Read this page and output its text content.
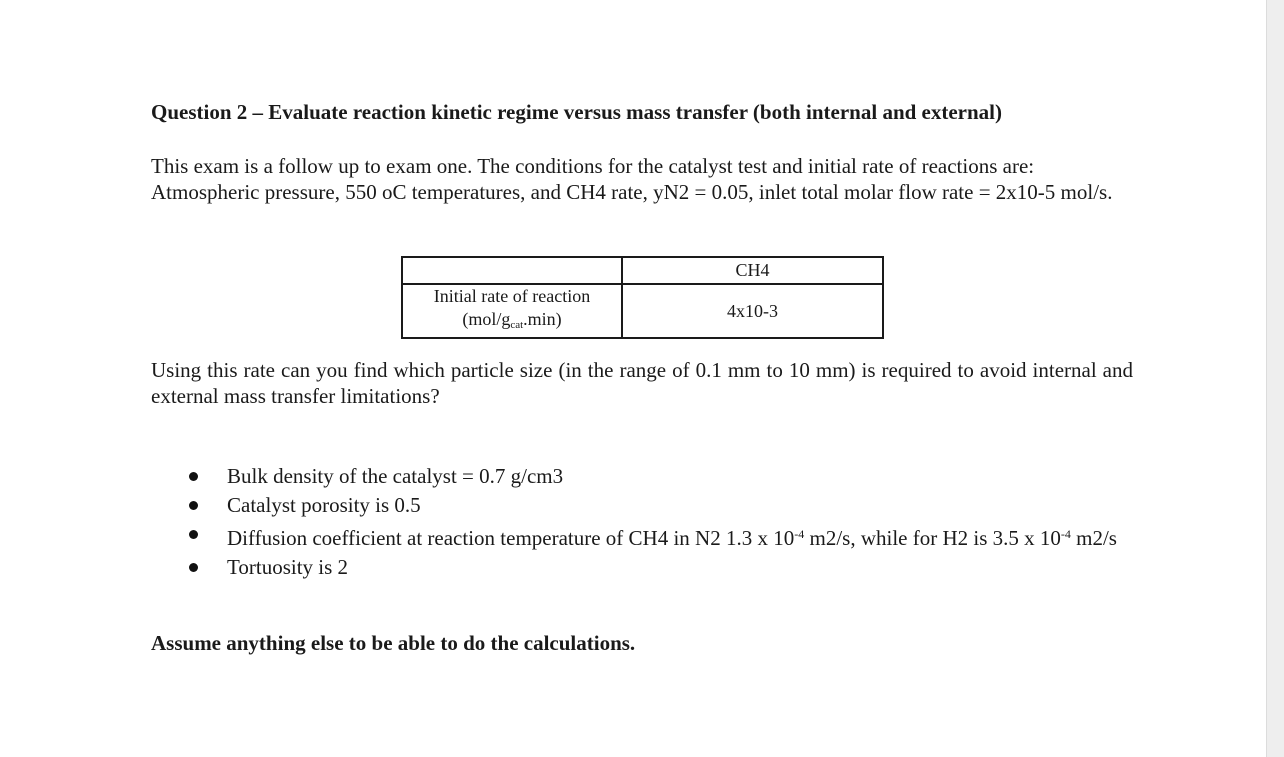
Question 2 – Evaluate reaction kinetic regime versus mass transfer (both internal and external)

This exam is a follow up to exam one. The conditions for the catalyst test and initial rate of reactions are: Atmospheric pressure, 550 oC temperatures, and CH4 rate, yN2 = 0.05, inlet total molar flow rate = 2x10-5 mol/s.

	CH4
Initial rate of reaction
$(mol/g_{cat}.\min)$	4x10-3

Using this rate can you find which particle size (in the range of 0.1 mm to 10 mm) is required to avoid internal and external mass transfer limitations?

Bulk density of the catalyst = 0.7 g/cm3
Catalyst porosity is 0.5
Diffusion coefficient at reaction temperature of CH4 in N2 1.3 x $10^{-4}$ m2/s, while for H2 is 3.5 x $10^{-4}$ m2/s
Tortuosity is 2
Assume anything else to be able to do the calculations.
